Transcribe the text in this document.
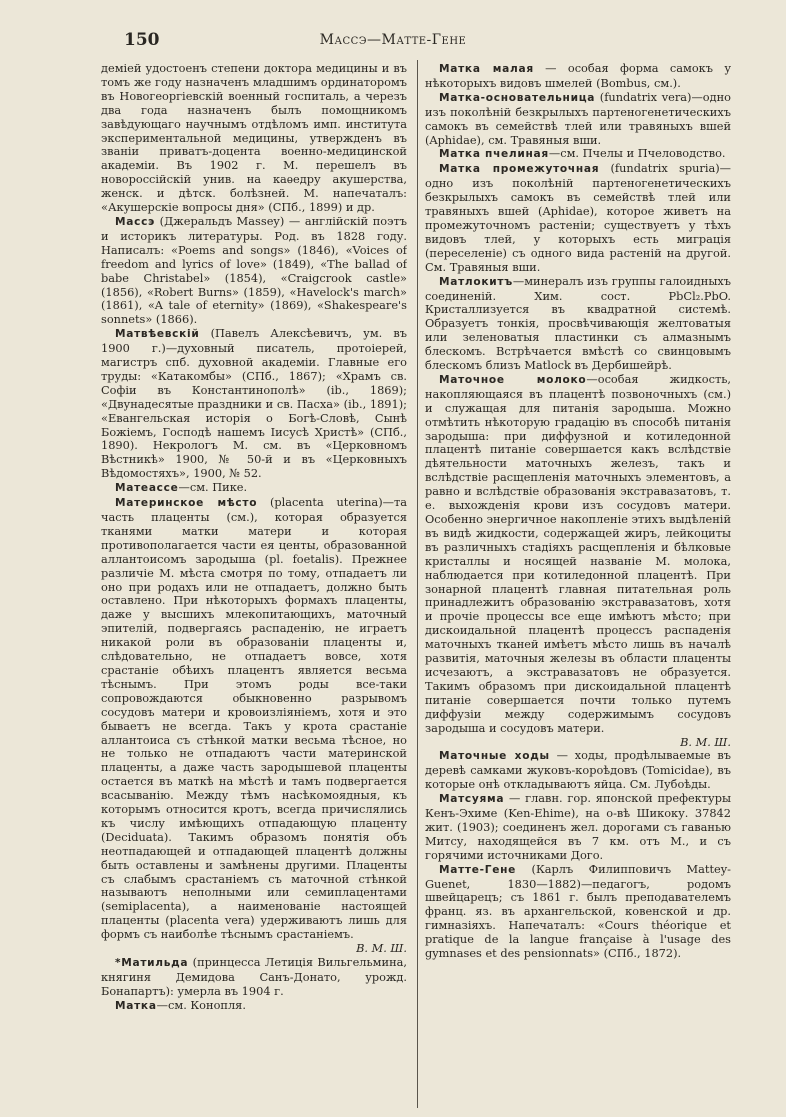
150	Массэ—Матте-Гене

деміей удостоенъ степени доктора медицины и въ томъ же году назначенъ младшимъ ординаторомъ въ Новогеоргіевскій военный госпиталь, а черезъ два года назначенъ былъ помощникомъ завѣдующаго научнымъ отдѣломъ имп. института экспериментальной медицины, утвержденъ въ званіи приватъ-доцента военно-медицинской академіи. Въ 1902 г. М. перешелъ въ новороссійскій унив. на каѳедру акушерства, женск. и дѣтск. болѣзней. М. напечаталъ: «Акушерскіе вопросы дня» (СПб., 1899) и др.

Массэ (Джеральдъ Massey) — англійскій поэтъ и историкъ литературы. Род. въ 1828 году. Написалъ: «Poems and songs» (1846), «Voices of freedom and lyrics of love» (1849), «The ballad of babe Christabel» (1854), «Craigcrook castle» (1856), «Robert Burns» (1859), «Havelock's march» (1861), «A tale of eternity» (1869), «Shakespeare's sonnets» (1866).

Матвѣевскій (Павелъ Алексѣевичъ, ум. въ 1900 г.)—духовный писатель, протоіерей, магистръ спб. духовной академіи. Главные его труды: «Катакомбы» (СПб., 1867); «Храмъ св. Софіи въ Константинополѣ» (ib., 1869); «Двунадесятые праздники и св. Пасха» (ib., 1891); «Евангельская исторія о Богѣ-Словѣ, Сынѣ Божіемъ, Господѣ нашемъ Іисусѣ Христѣ» (СПб., 1890). Некрологъ М. см. въ «Церковномъ Вѣстникѣ» 1900, № 50-й и въ «Церковныхъ Вѣдомостяхъ», 1900, № 52.

Матеассе—см. Пике.

Материнское мѣсто (placenta uterina)—та часть плаценты (см.), которая образуется тканями матки матери и которая противополагается части ея центы, образованной аллантоисомъ зародыша (pl. foetalis). Прежнее различіе М. мѣста смотря по тому, отпадаетъ ли оно при родахъ или не отпадаетъ, должно быть оставлено. При нѣкоторыхъ формахъ плаценты, даже у высшихъ млекопитающихъ, маточный эпителій, подвергаясь распаденію, не играетъ никакой роли въ образованіи плаценты и, слѣдовательно, не отпадаетъ вовсе, хотя срастаніе обѣихъ плацентъ является весьма тѣснымъ. При этомъ роды все-таки сопровождаются обыкновенно разрывомъ сосудовъ матери и кровоизліяніемъ, хотя и это бываетъ не всегда. Такъ у крота срастаніе аллантоиса съ стѣнкой матки весьма тѣсное, но не только не отпадаютъ части материнской плаценты, а даже часть зародышевой плаценты остается въ маткѣ на мѣстѣ и тамъ подвергается всасыванію. Между тѣмъ насѣкомоядныя, къ которымъ относится кротъ, всегда причислялись къ числу имѣющихъ отпадающую плаценту (Deciduata). Такимъ образомъ понятія объ неотпадающей и отпадающей плацентѣ должны быть оставлены и замѣнены другими. Плаценты съ слабымъ срастаніемъ съ маточной стѣнкой называютъ неполными или семиплацентами (semiplacenta), а наименованіе настоящей плаценты (placenta vera) удерживаютъ лишь для формъ съ наиболѣе тѣснымъ срастаніемъ.

В. М. Ш.

*Матильда (принцесса Летиція Вильгельмина, княгиня Демидова Санъ-Донато, урожд. Бонапартъ): умерла въ 1904 г.

Матка—см. Конопля.

Матка малая — особая форма самокъ у нѣкоторыхъ видовъ шмелей (Bombus, см.).

Матка-основательница (fundatrix vera)—одно изъ поколѣній безкрылыхъ партеногенетическихъ самокъ въ семействѣ тлей или травяныхъ вшей (Aphidae), см. Травяныя вши.

Матка пчелиная—см. Пчелы и Пчеловодство.

Матка промежуточная (fundatrix spuria)—одно изъ поколѣній партеногенетическихъ безкрылыхъ самокъ въ семействѣ тлей или травяныхъ вшей (Aphidae), которое живетъ на промежуточномъ растеніи; существуетъ у тѣхъ видовъ тлей, у которыхъ есть миграція (переселеніе) съ одного вида растеній на другой. См. Травяныя вши.

Матлокитъ—минералъ изъ группы галоидныхъ соединеній. Хим. сост. PbCl₂.PbO. Кристаллизуется въ квадратной системѣ. Образуетъ тонкія, просвѣчивающія желтоватыя или зеленоватыя пластинки съ алмазнымъ блескомъ. Встрѣчается вмѣстѣ со свинцовымъ блескомъ близъ Matlock въ Дербишейрѣ.

Маточное молоко—особая жидкость, накопляющаяся въ плацентѣ позвоночныхъ (см.) и служащая для питанія зародыша. Можно отмѣтить нѣкоторую градацію въ способѣ питанія зародыша: при диффузной и котиледонной плацентѣ питаніе совершается какъ вслѣдствіе дѣятельности маточныхъ железъ, такъ и вслѣдствіе расщепленія маточныхъ элементовъ, а равно и вслѣдствіе образованія экстравазатовъ, т. е. выхожденія крови изъ сосудовъ матери. Особенно энергичное накопленіе этихъ выдѣленій въ видѣ жидкости, содержащей жиръ, лейкоциты въ различныхъ стадіяхъ расщепленія и бѣлковые кристаллы и носящей названіе М. молока, наблюдается при котиледонной плацентѣ. При зонарной плацентѣ главная питательная роль принадлежитъ образованію экстравазатовъ, хотя и прочіе процессы все еще имѣютъ мѣсто; при дискоидальной плацентѣ процессъ распаденія маточныхъ тканей имѣетъ мѣсто лишь въ началѣ развитія, маточныя железы въ области плаценты исчезаютъ, а экстравазатовъ не образуется. Такимъ образомъ при дискоидальной плацентѣ питаніе совершается почти только путемъ диффузіи между содержимымъ сосудовъ зародыша и сосудовъ матери.

В. М. Ш.

Маточные ходы — ходы, продѣлываемые въ деревѣ самками жуковъ-короѣдовъ (Tomicidae), въ которые онѣ откладываютъ яйца. См. Лубоѣды.

Матсуяма — главн. гор. японской префектуры Кенъ-Эхиме (Ken-Ehime), на о-вѣ Шикоку. 37842 жит. (1903); соединенъ жел. дорогами съ гаванью Митсу, находящейся въ 7 км. отъ М., и съ горячими источниками Дого.

Матте-Гене (Карлъ Филипповичъ Mattey-Guenet, 1830—1882)—педагогъ, родомъ швейцарецъ; съ 1861 г. былъ преподавателемъ франц. яз. въ архангельской, ковенской и др. гимназіяхъ. Напечаталъ: «Cours théorique et pratique de la langue française à l'usage des gymnases et des pensionnats» (СПб., 1872).
